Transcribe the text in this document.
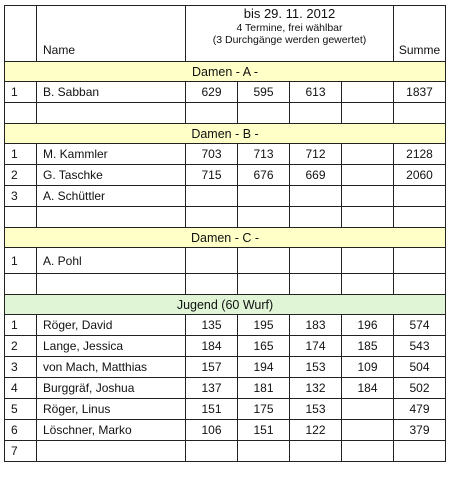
	Name	bis 29. 11. 2012
4 Termine, frei wählbar
(3 Durchgänge werden gewertet)				Summe
Damen - A -						
1	B. Sabban	629	595	613		1837

Damen - B -						
1	M. Kammler	703	713	712		2128
2	G. Taschke	715	676	669		2060
3	A. Schüttler					

Damen - C -						
1	A. Pohl					

Jugend (60 Wurf)						
1	Röger, David	135	195	183	196	574
2	Lange, Jessica	184	165	174	185	543
3	von Mach, Matthias	157	194	153	109	504
4	Burggräf, Joshua	137	181	132	184	502
5	Röger, Linus	151	175	153		479
6	Löschner, Marko	106	151	122		379
7						
